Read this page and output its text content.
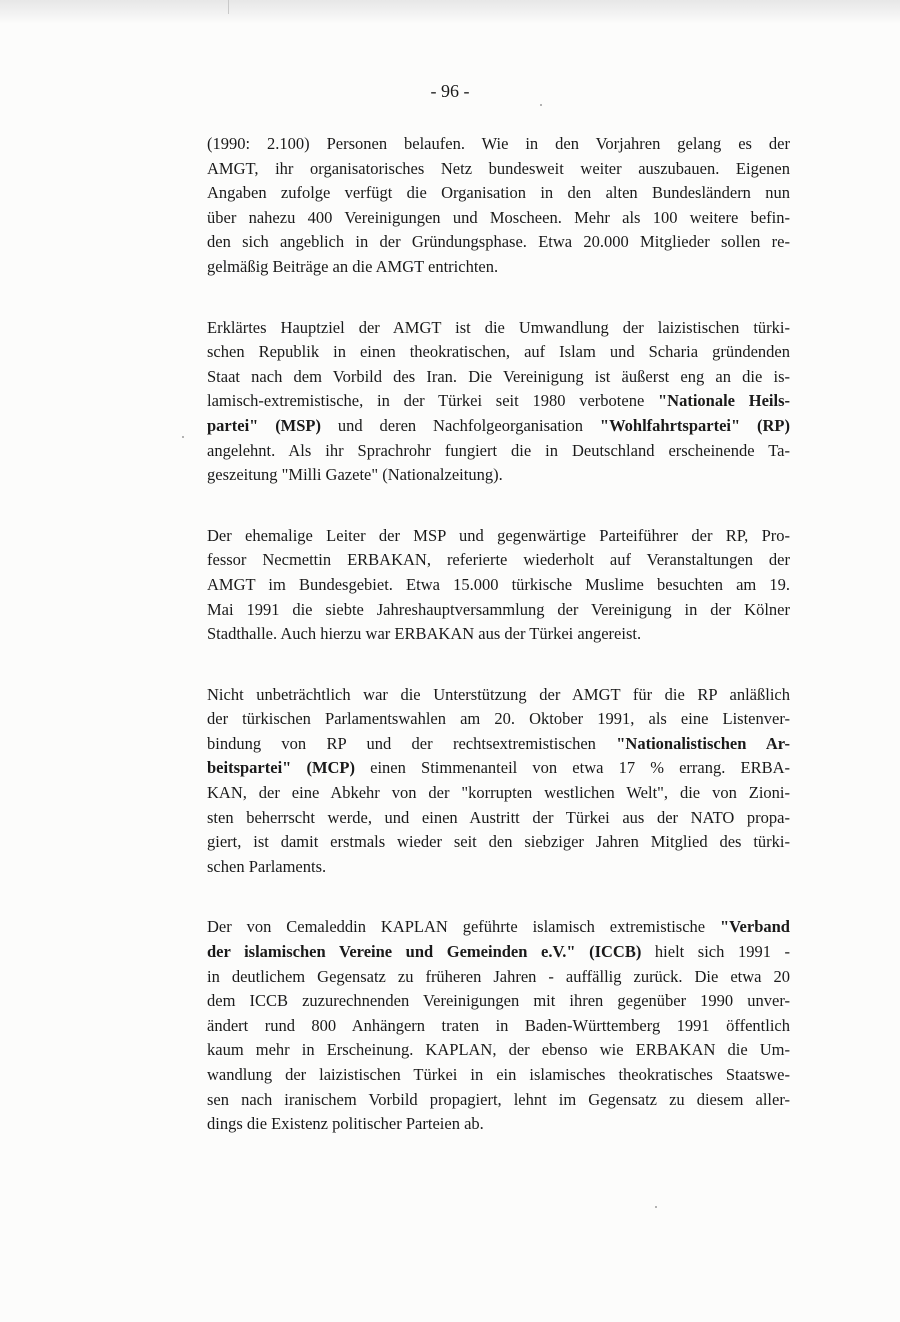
- 96 -

(1990: 2.100) Personen belaufen. Wie in den Vorjahren gelang es der
AMGT, ihr organisatorisches Netz bundesweit weiter auszubauen. Eigenen
Angaben zufolge verfügt die Organisation in den alten Bundesländern nun
über nahezu 400 Vereinigungen und Moscheen. Mehr als 100 weitere befin-
den sich angeblich in der Gründungsphase. Etwa 20.000 Mitglieder sollen re-
gelmäßig Beiträge an die AMGT entrichten.

Erklärtes Hauptziel der AMGT ist die Umwandlung der laizistischen türki-
schen Republik in einen theokratischen, auf Islam und Scharia gründenden
Staat nach dem Vorbild des Iran. Die Vereinigung ist äußerst eng an die is-
lamisch-extremistische, in der Türkei seit 1980 verbotene "Nationale Heils-
partei" (MSP) und deren Nachfolgeorganisation "Wohlfahrtspartei" (RP)
angelehnt. Als ihr Sprachrohr fungiert die in Deutschland erscheinende Ta-
geszeitung "Milli Gazete" (Nationalzeitung).

Der ehemalige Leiter der MSP und gegenwärtige Parteiführer der RP, Pro-
fessor Necmettin ERBAKAN, referierte wiederholt auf Veranstaltungen der
AMGT im Bundesgebiet. Etwa 15.000 türkische Muslime besuchten am 19.
Mai 1991 die siebte Jahreshauptversammlung der Vereinigung in der Kölner
Stadthalle. Auch hierzu war ERBAKAN aus der Türkei angereist.

Nicht unbeträchtlich war die Unterstützung der AMGT für die RP anläßlich
der türkischen Parlamentswahlen am 20. Oktober 1991, als eine Listenver-
bindung von RP und der rechtsextremistischen "Nationalistischen Ar-
beitspartei" (MCP) einen Stimmenanteil von etwa 17 % errang. ERBA-
KAN, der eine Abkehr von der "korrupten westlichen Welt", die von Zioni-
sten beherrscht werde, und einen Austritt der Türkei aus der NATO propa-
giert, ist damit erstmals wieder seit den siebziger Jahren Mitglied des türki-
schen Parlaments.

Der von Cemaleddin KAPLAN geführte islamisch extremistische "Verband
der islamischen Vereine und Gemeinden e.V." (ICCB) hielt sich 1991 -
in deutlichem Gegensatz zu früheren Jahren - auffällig zurück. Die etwa 20
dem ICCB zuzurechnenden Vereinigungen mit ihren gegenüber 1990 unver-
ändert rund 800 Anhängern traten in Baden-Württemberg 1991 öffentlich
kaum mehr in Erscheinung. KAPLAN, der ebenso wie ERBAKAN die Um-
wandlung der laizistischen Türkei in ein islamisches theokratisches Staatswe-
sen nach iranischem Vorbild propagiert, lehnt im Gegensatz zu diesem aller-
dings die Existenz politischer Parteien ab.
